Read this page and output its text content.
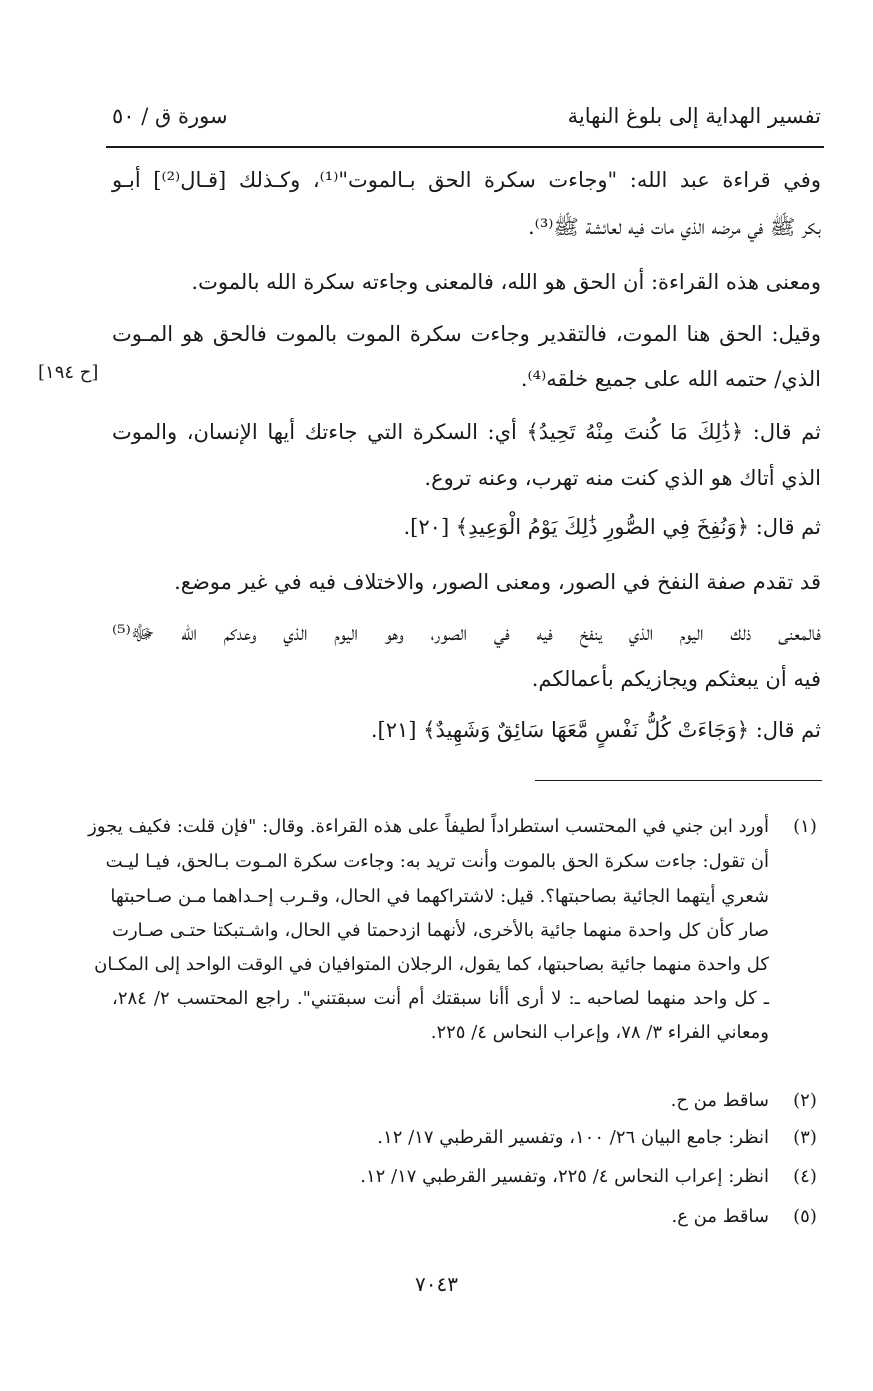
تفسير الهداية إلى بلوغ النهاية
سورة ق / ٥٠
[ح ١٩٤]
وفي قراءة عبد الله: "وجاءت سكرة الحق بـالموت"⁽¹⁾، وكـذلك [قـال⁽²⁾] أبـو
بكر ﷺ في مرضه الذي مات فيه لعائشة ﷺ⁽³⁾.
ومعنى هذه القراءة: أن الحق هو الله، فالمعنى وجاءته سكرة الله بالموت.
وقيل: الحق هنا الموت، فالتقدير وجاءت سكرة الموت بالموت فالحق هو المـوت
الذي/ حتمه الله على جميع خلقه⁽⁴⁾.
ثم قال: ﴿ذَٰلِكَ مَا كُنتَ مِنْهُ تَحِيدُ﴾ أي: السكرة التي جاءتك أيها الإنسان، والموت
الذي أتاك هو الذي كنت منه تهرب، وعنه تروع.
ثم قال: ﴿وَنُفِخَ فِي الصُّورِ ذَٰلِكَ يَوْمُ الْوَعِيدِ﴾ [٢٠].
قد تقدم صفة النفخ في الصور، ومعنى الصور، والاختلاف فيه في غير موضع.
فالمعنى ذلك اليوم الذي ينفخ فيه في الصور، وهو اليوم الذي وعدكم الله ﷻ⁽⁵⁾
فيه أن يبعثكم ويجازيكم بأعمالكم.
ثم قال: ﴿وَجَاءَتْ كُلُّ نَفْسٍ مَّعَهَا سَائِقٌ وَشَهِيدٌ﴾ [٢١].
(١)
أورد ابن جني في المحتسب استطراداً لطيفاً على هذه القراءة. وقال: "فإن قلت: فكيف يجوز
أن تقول: جاءت سكرة الحق بالموت وأنت تريد به: وجاءت سكرة المـوت بـالحق، فيـا ليـت
شعري أيتهما الجائية بصاحبتها؟. قيل: لاشتراكهما في الحال، وقـرب إحـداهما مـن صـاحبتها
صار كأن كل واحدة منهما جائية بالأخرى، لأنهما ازدحمتا في الحال، واشـتبكتا حتـى صـارت
كل واحدة منهما جائية بصاحبتها، كما يقول، الرجلان المتوافيان في الوقت الواحد إلى المكـان
ـ كل واحد منهما لصاحبه ـ: لا أرى أأنا سبقتك أم أنت سبقتني". راجع المحتسب ٢/ ٢٨٤،
ومعاني الفراء ٣/ ٧٨، وإعراب النحاس ٤/ ٢٢٥.
(٢)
ساقط من ح.
(٣)
انظر: جامع البيان ٢٦/ ١٠٠، وتفسير القرطبي ١٧/ ١٢.
(٤)
انظر: إعراب النحاس ٤/ ٢٢٥، وتفسير القرطبي ١٧/ ١٢.
(٥)
ساقط من ع.
٧٠٤٣
